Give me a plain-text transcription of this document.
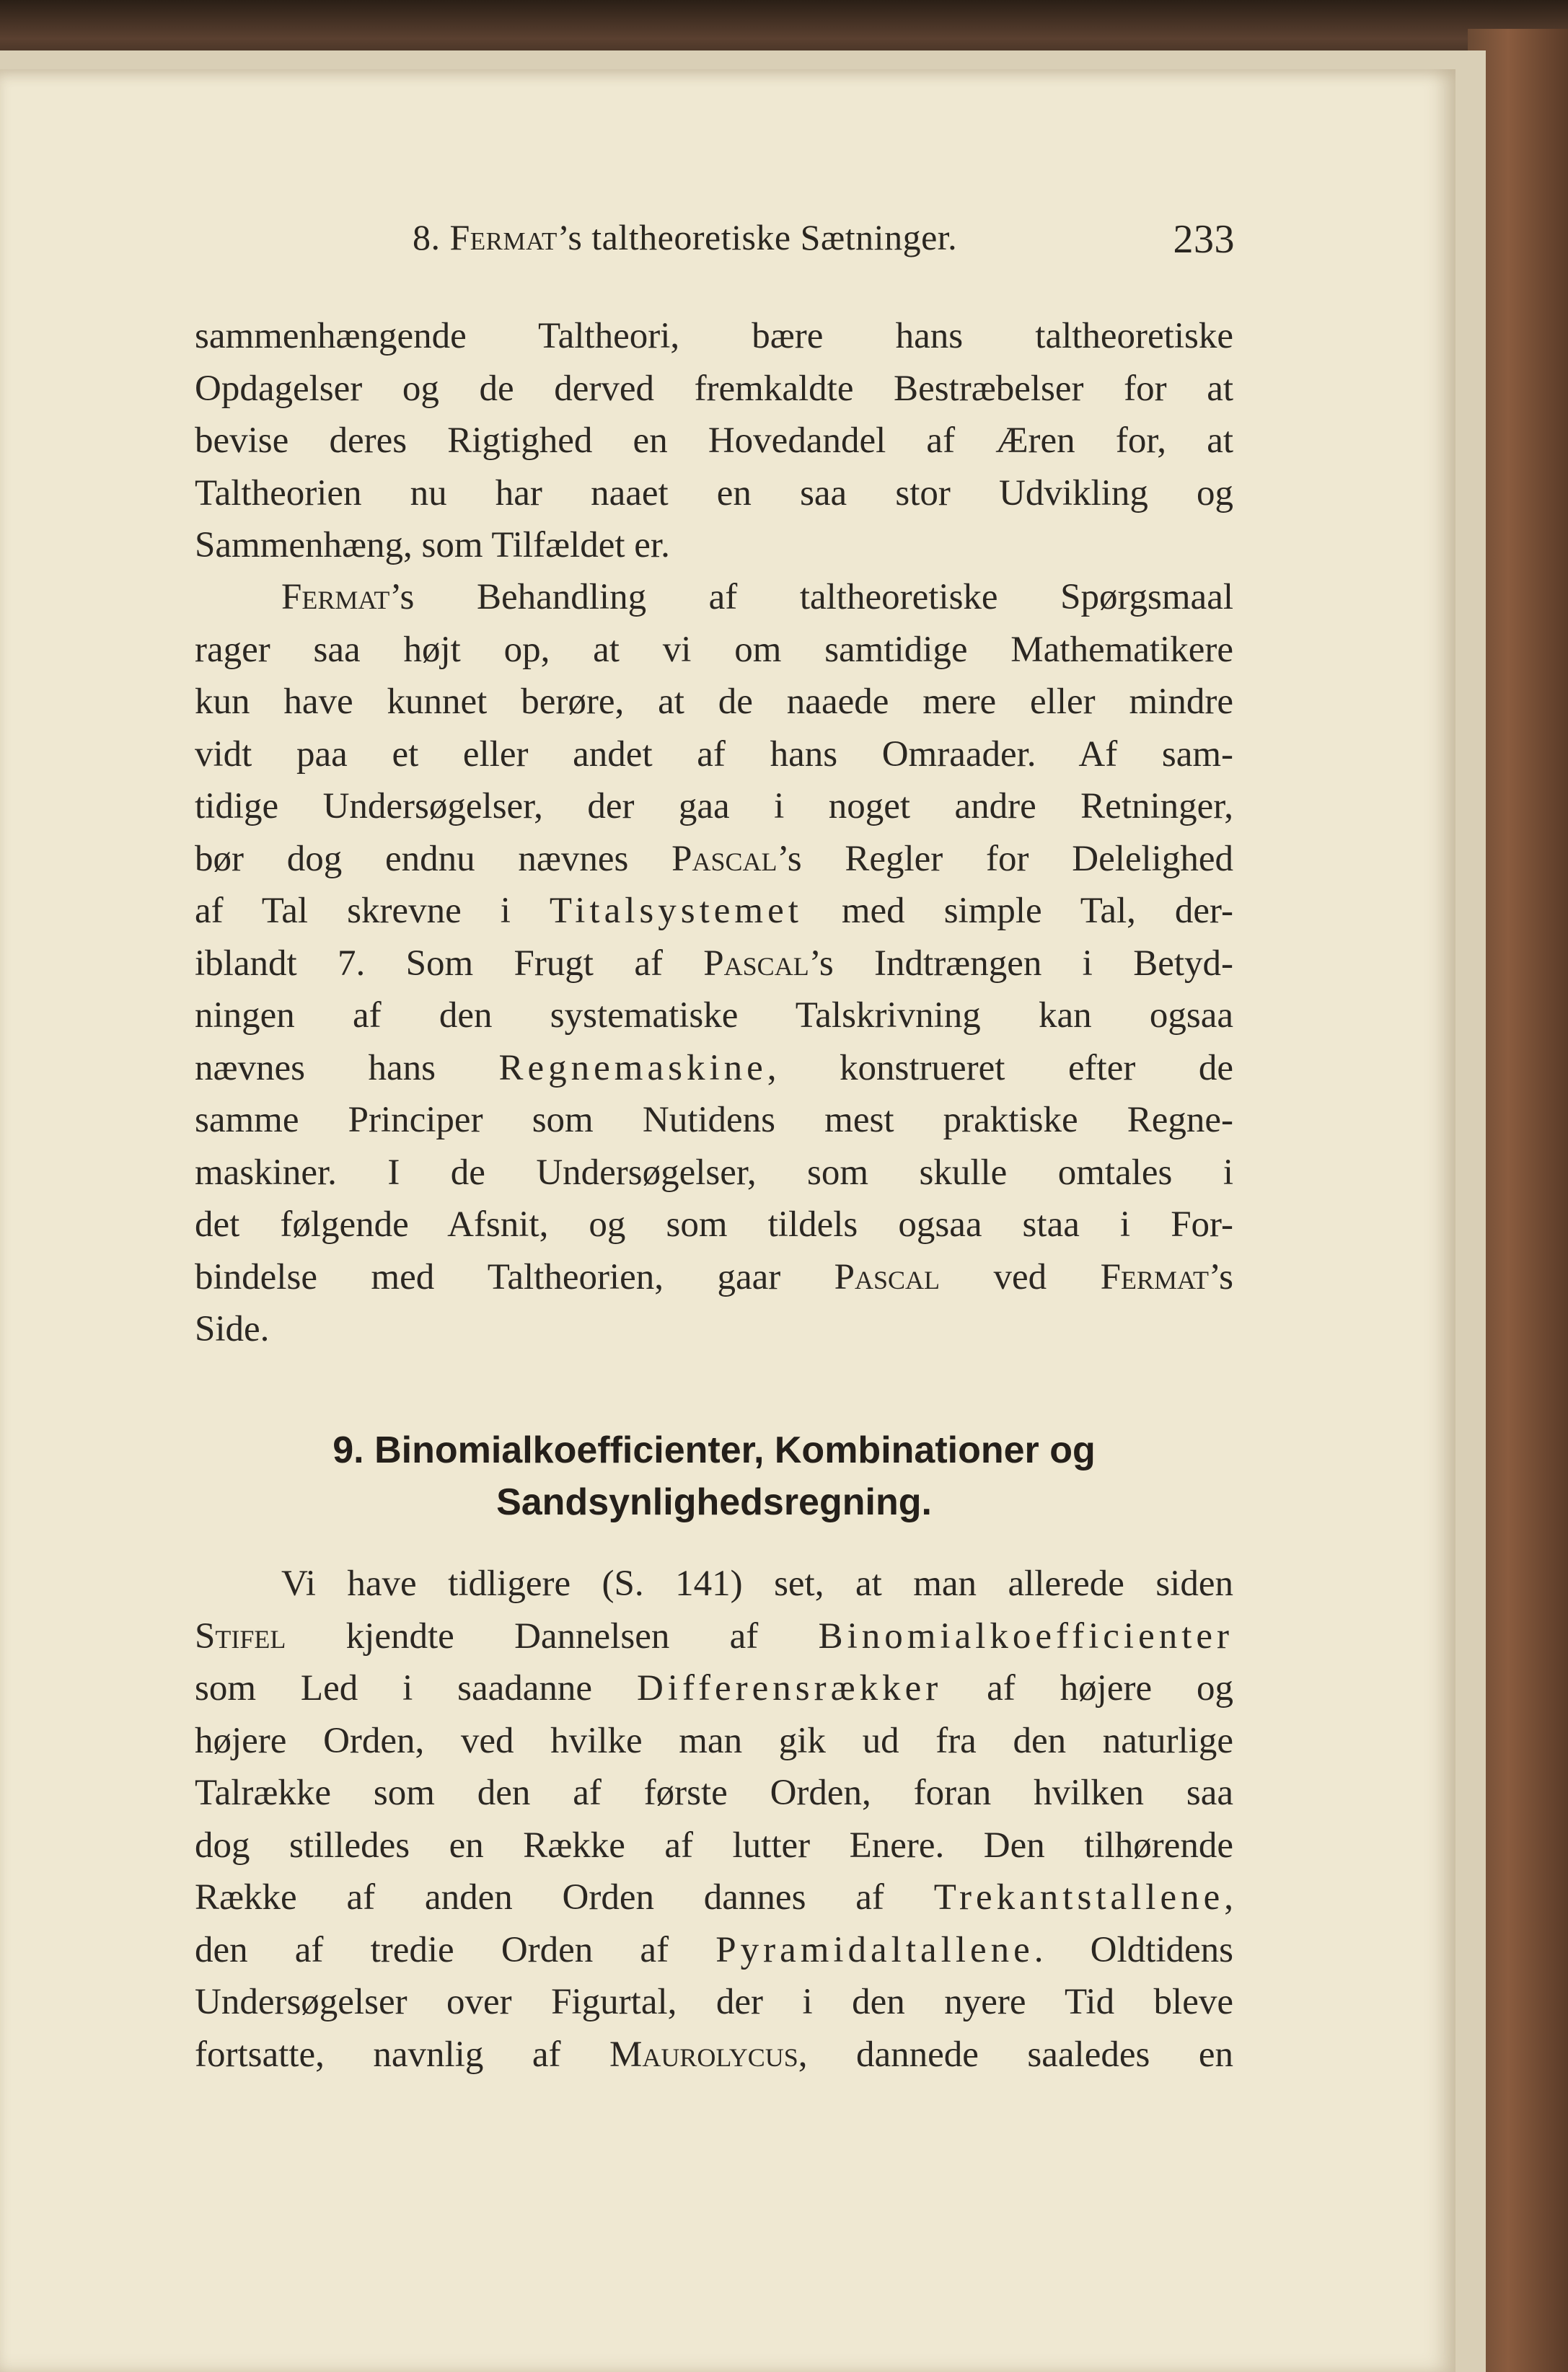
8. Fermat’s taltheoretiske Sætninger.	233
sammenhængende Taltheori, bære hans taltheoretiske
Opdagelser og de derved fremkaldte Bestræbelser for at
bevise deres Rigtighed en Hovedandel af Æren for, at
Taltheorien nu har naaet en saa stor Udvikling og
Sammenhæng, som Tilfældet er.
Fermat’s Behandling af taltheoretiske Spørgsmaal
rager saa højt op, at vi om samtidige Mathematikere
kun have kunnet berøre, at de naaede mere eller mindre
vidt paa et eller andet af hans Omraader. Af sam-
tidige Undersøgelser, der gaa i noget andre Retninger,
bør dog endnu nævnes Pascal’s Regler for Delelighed
af Tal skrevne i Titalsystemet med simple Tal, der-
iblandt 7. Som Frugt af Pascal’s Indtrængen i Betyd-
ningen af den systematiske Talskrivning kan ogsaa
nævnes hans Regnemaskine, konstrueret efter de
samme Principer som Nutidens mest praktiske Regne-
maskiner. I de Undersøgelser, som skulle omtales i
det følgende Afsnit, og som tildels ogsaa staa i For-
bindelse med Taltheorien, gaar Pascal ved Fermat’s
Side.
9. Binomialkoefficienter, Kombinationer og
Sandsynlighedsregning.
Vi have tidligere (S. 141) set, at man allerede siden
Stifel kjendte Dannelsen af Binomialkoefficienter
som Led i saadanne Differensrækker af højere og
højere Orden, ved hvilke man gik ud fra den naturlige
Talrække som den af første Orden, foran hvilken saa
dog stilledes en Række af lutter Enere. Den tilhørende
Række af anden Orden dannes af Trekantstallene,
den af tredie Orden af Pyramidaltallene. Oldtidens
Undersøgelser over Figurtal, der i den nyere Tid bleve
fortsatte, navnlig af Maurolycus, dannede saaledes en
